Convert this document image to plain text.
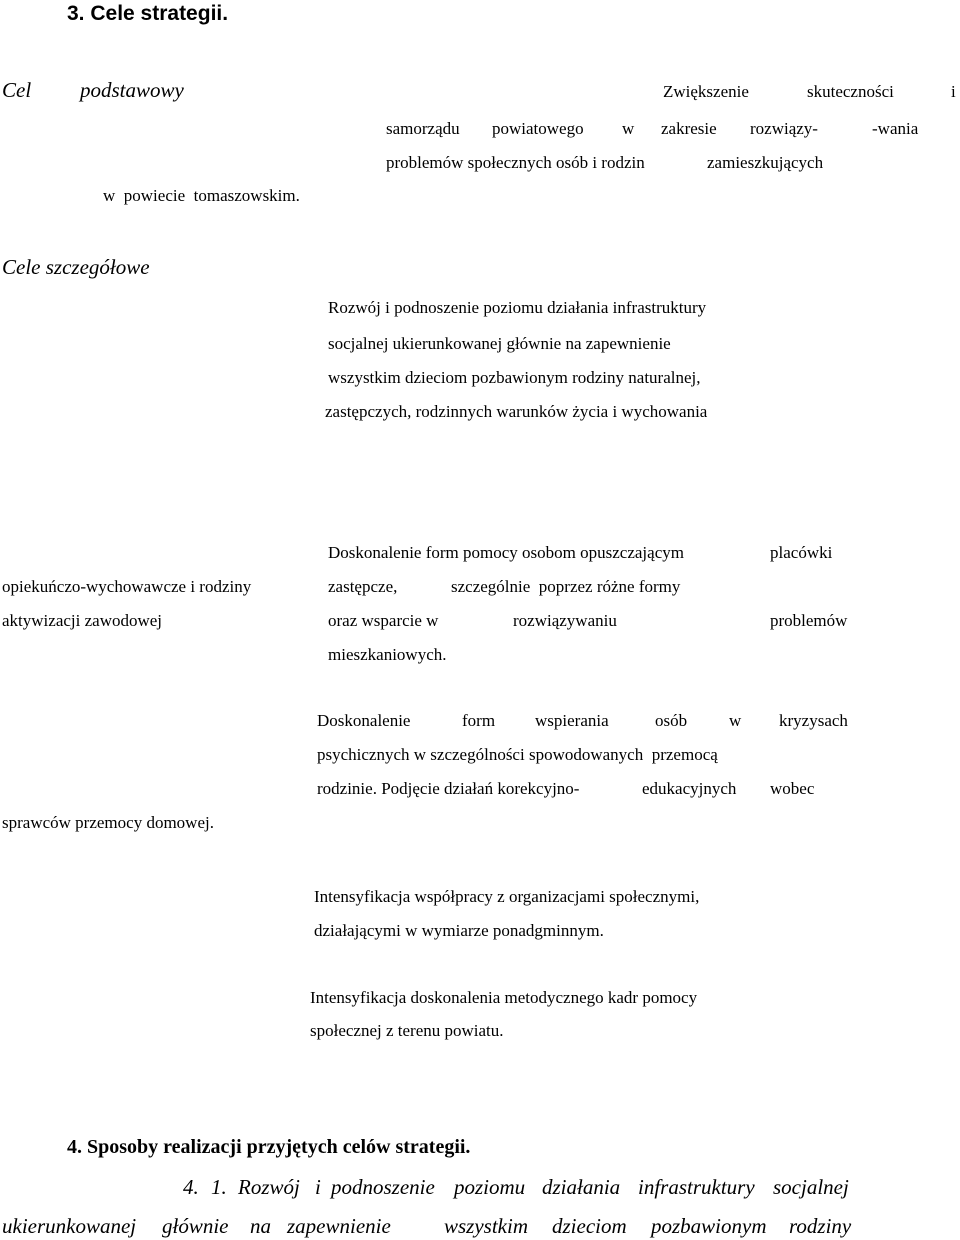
3. Cele strategii.
Cel podstawowy	Zwiększenie	skuteczności	i
samorządu powiatowego w zakresie rozwiązy-	-wania
problemów społecznych osób i rodzin	zamieszkujących
w  powiecie  tomaszowskim.
Cele szczegółowe
Rozwój i podnoszenie poziomu działania infrastruktury
socjalnej ukierunkowanej głównie na zapewnienie
wszystkim dzieciom pozbawionym rodziny naturalnej,
zastępczych, rodzinnych warunków życia i wychowania
Doskonalenie form pomocy osobom opuszczającym	placówki
opiekuńczo-wychowawcze i rodziny	zastępcze,	szczególnie  poprzez różne formy
aktywizacji zawodowej	oraz wsparcie w	rozwiązywaniu	problemów
mieszkaniowych.
Doskonalenie	form wspierania	osób w kryzysach
psychicznych w szczególności spowodowanych  przemocą
rodzinie. Podjęcie działań korekcyjno-	edukacyjnych wobec
sprawców przemocy domowej.
Intensyfikacja współpracy z organizacjami społecznymi,
działającymi w wymiarze ponadgminnym.
Intensyfikacja doskonalenia metodycznego kadr pomocy
społecznej z terenu powiatu.
4. Sposoby realizacji przyjętych celów strategii.
4. 1. Rozwój i podnoszenie poziomu działania infrastruktury socjalnej
ukierunkowanej głównie na zapewnienie	wszystkim dzieciom pozbawionym rodziny
